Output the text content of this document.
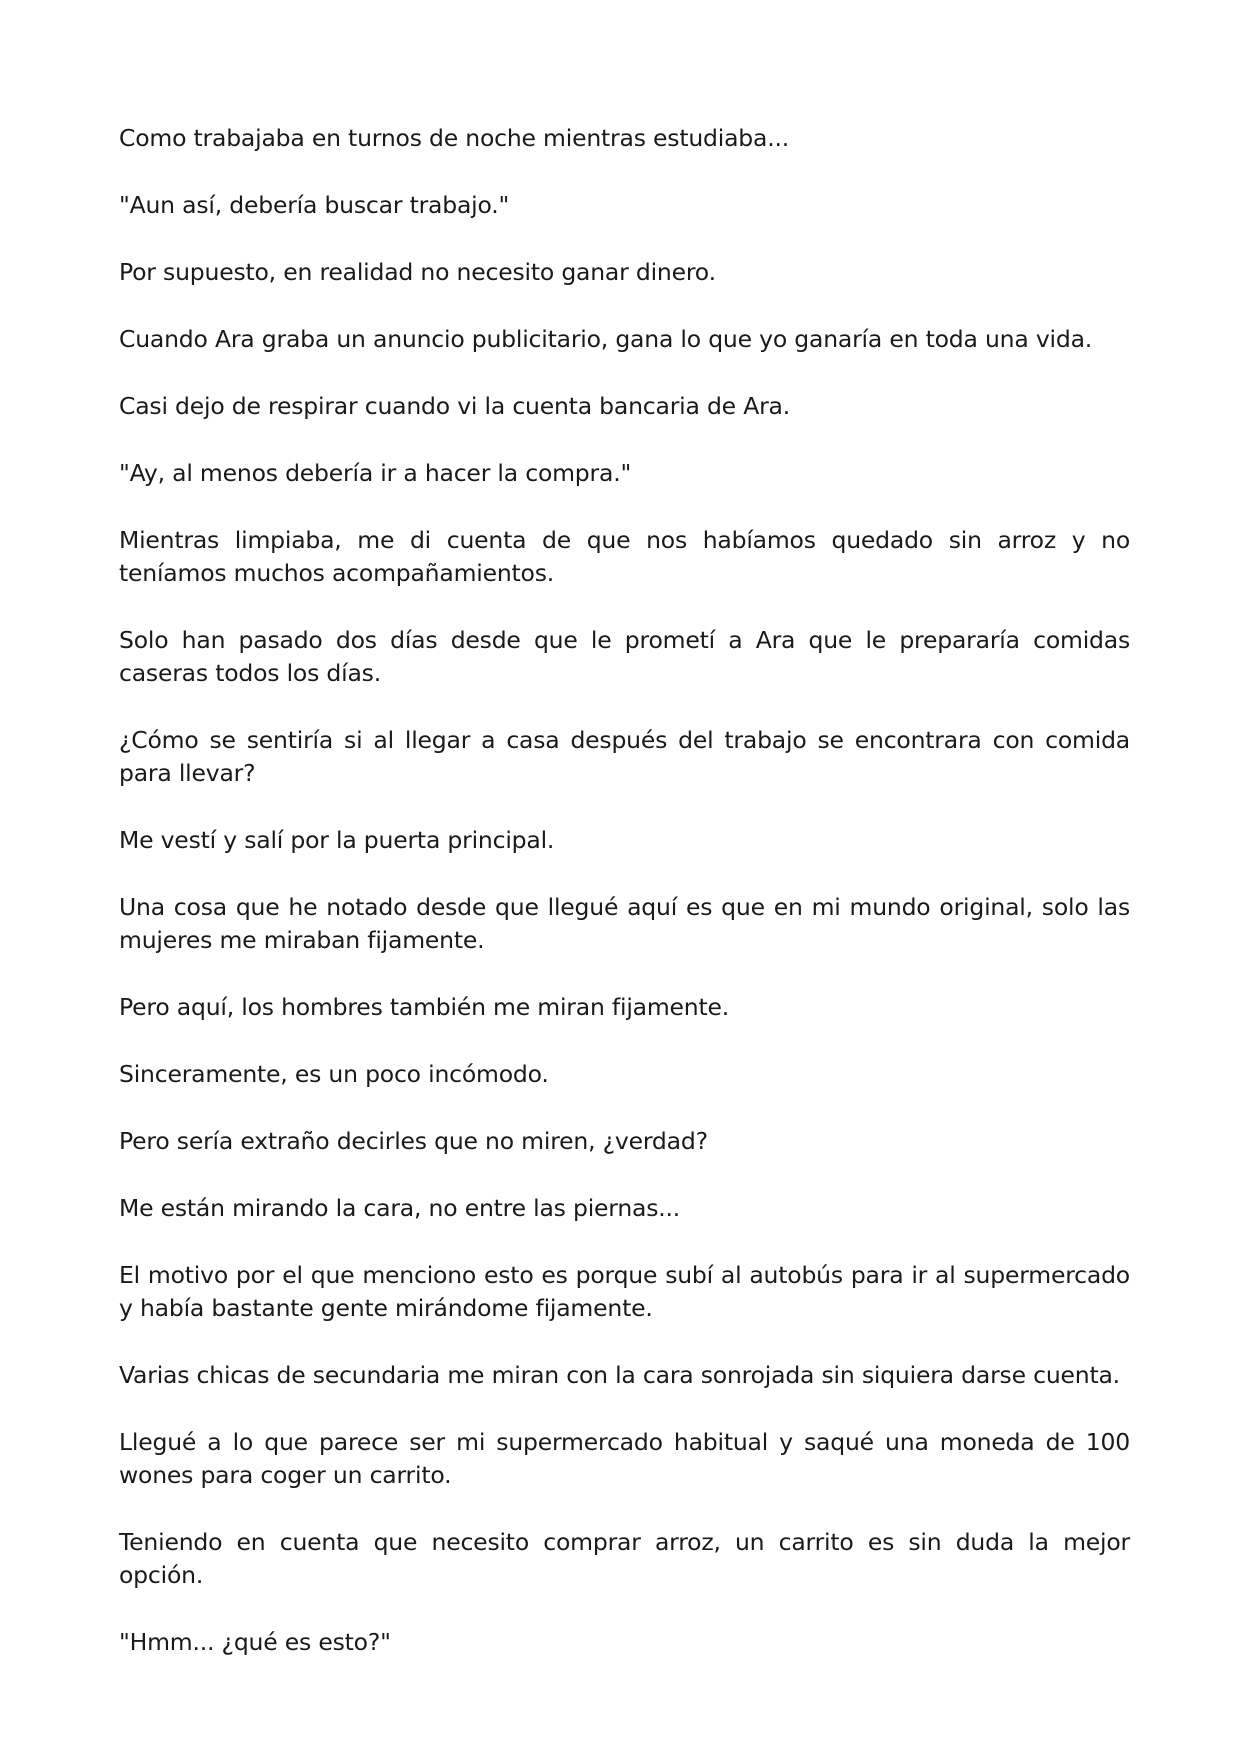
Como trabajaba en turnos de noche mientras estudiaba...

"Aun así, debería buscar trabajo."

Por supuesto, en realidad no necesito ganar dinero.

Cuando Ara graba un anuncio publicitario, gana lo que yo ganaría en toda una vida.

Casi dejo de respirar cuando vi la cuenta bancaria de Ara.

"Ay, al menos debería ir a hacer la compra."

Mientras limpiaba, me di cuenta de que nos habíamos quedado sin arroz y no teníamos muchos acompañamientos.

Solo han pasado dos días desde que le prometí a Ara que le prepararía comidas caseras todos los días.

¿Cómo se sentiría si al llegar a casa después del trabajo se encontrara con comida para llevar?

Me vestí y salí por la puerta principal.

Una cosa que he notado desde que llegué aquí es que en mi mundo original, solo las mujeres me miraban fijamente.

Pero aquí, los hombres también me miran fijamente.

Sinceramente, es un poco incómodo.

Pero sería extraño decirles que no miren, ¿verdad?

Me están mirando la cara, no entre las piernas...

El motivo por el que menciono esto es porque subí al autobús para ir al supermercado y había bastante gente mirándome fijamente.

Varias chicas de secundaria me miran con la cara sonrojada sin siquiera darse cuenta.

Llegué a lo que parece ser mi supermercado habitual y saqué una moneda de 100 wones para coger un carrito.

Teniendo en cuenta que necesito comprar arroz, un carrito es sin duda la mejor opción.

"Hmm... ¿qué es esto?"
